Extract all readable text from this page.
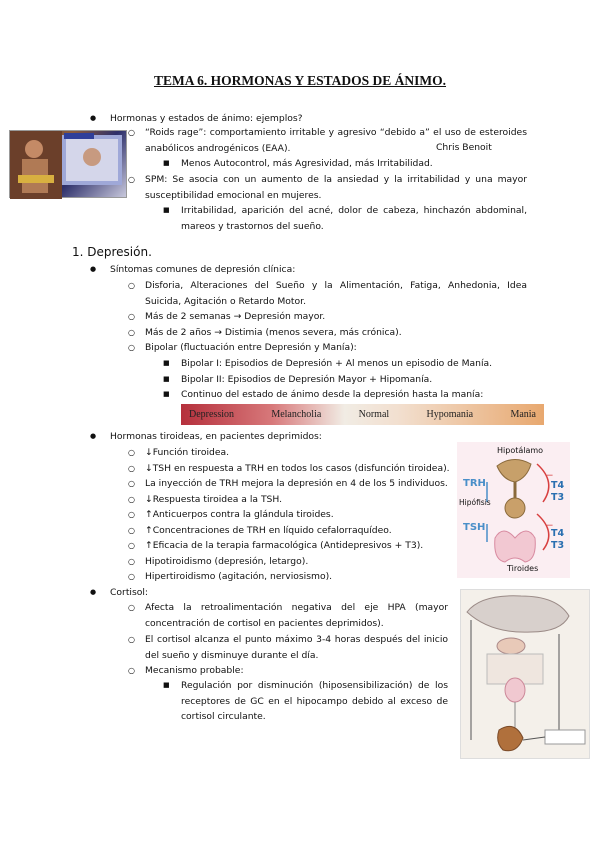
TEMA 6. HORMONAS Y ESTADOS DE ÁNIMO.
● Hormonas y estados de ánimo: ejemplos?
○ “Roids rage”: comportamiento irritable y agresivo “debido a” el uso de esteroides anabólicos androgénicos (EAA).	Chris Benoit
■ Menos Autocontrol, más Agresividad, más Irritabilidad.
○ SPM: Se asocia con un aumento de la ansiedad y la irritabilidad y una mayor susceptibilidad emocional en mujeres.
■ Irritabilidad, aparición del acné, dolor de cabeza, hinchazón abdominal, mareos y trastornos del sueño.
1. Depresión.
● Síntomas comunes de depresión clínica:
○ Disforia, Alteraciones del Sueño y la Alimentación, Fatiga, Anhedonia, Idea Suicida, Agitación o Retardo Motor.
○ Más de 2 semanas → Depresión mayor.
○ Más de 2 años → Distimia (menos severa, más crónica).
○ Bipolar (fluctuación entre Depresión y Manía):
■ Bipolar I: Episodios de Depresión + Al menos un episodio de Manía.
■ Bipolar II: Episodios de Depresión Mayor + Hipomanía.
■ Continuo del estado de ánimo desde la depresión hasta la manía:
Depression	Melancholia	Normal	Hypomania	Mania
● Hormonas tiroideas, en pacientes deprimidos:
○ ↓Función tiroidea.
○ ↓TSH en respuesta a TRH en todos los casos (disfunción tiroidea).
○ La inyección de TRH mejora la depresión en 4 de los 5 individuos.
○ ↓Respuesta tiroidea a la TSH.
○ ↑Anticuerpos contra la glándula tiroides.
○ ↑Concentraciones de TRH en líquido cefalorraquídeo.
○ ↑Eficacia de la terapia farmacológica (Antidepresivos + T3).
○ Hipotiroidismo (depresión, letargo).
○ Hipertiroidismo (agitación, nerviosismo).
−
−
Hipotálamo
TRH
Hipófisis
TSH
T4
T3
T4
T3
Tiroides
● Cortisol:
○ Afecta la retroalimentación negativa del eje HPA (mayor concentración de cortisol en pacientes deprimidos).
○ El cortisol alcanza el punto máximo 3-4 horas después del inicio del sueño y disminuye durante el día.
○ Mecanismo probable:
■ Regulación por disminución (hiposensibilización) de los receptores de GC en el hipocampo debido al exceso de cortisol circulante.
